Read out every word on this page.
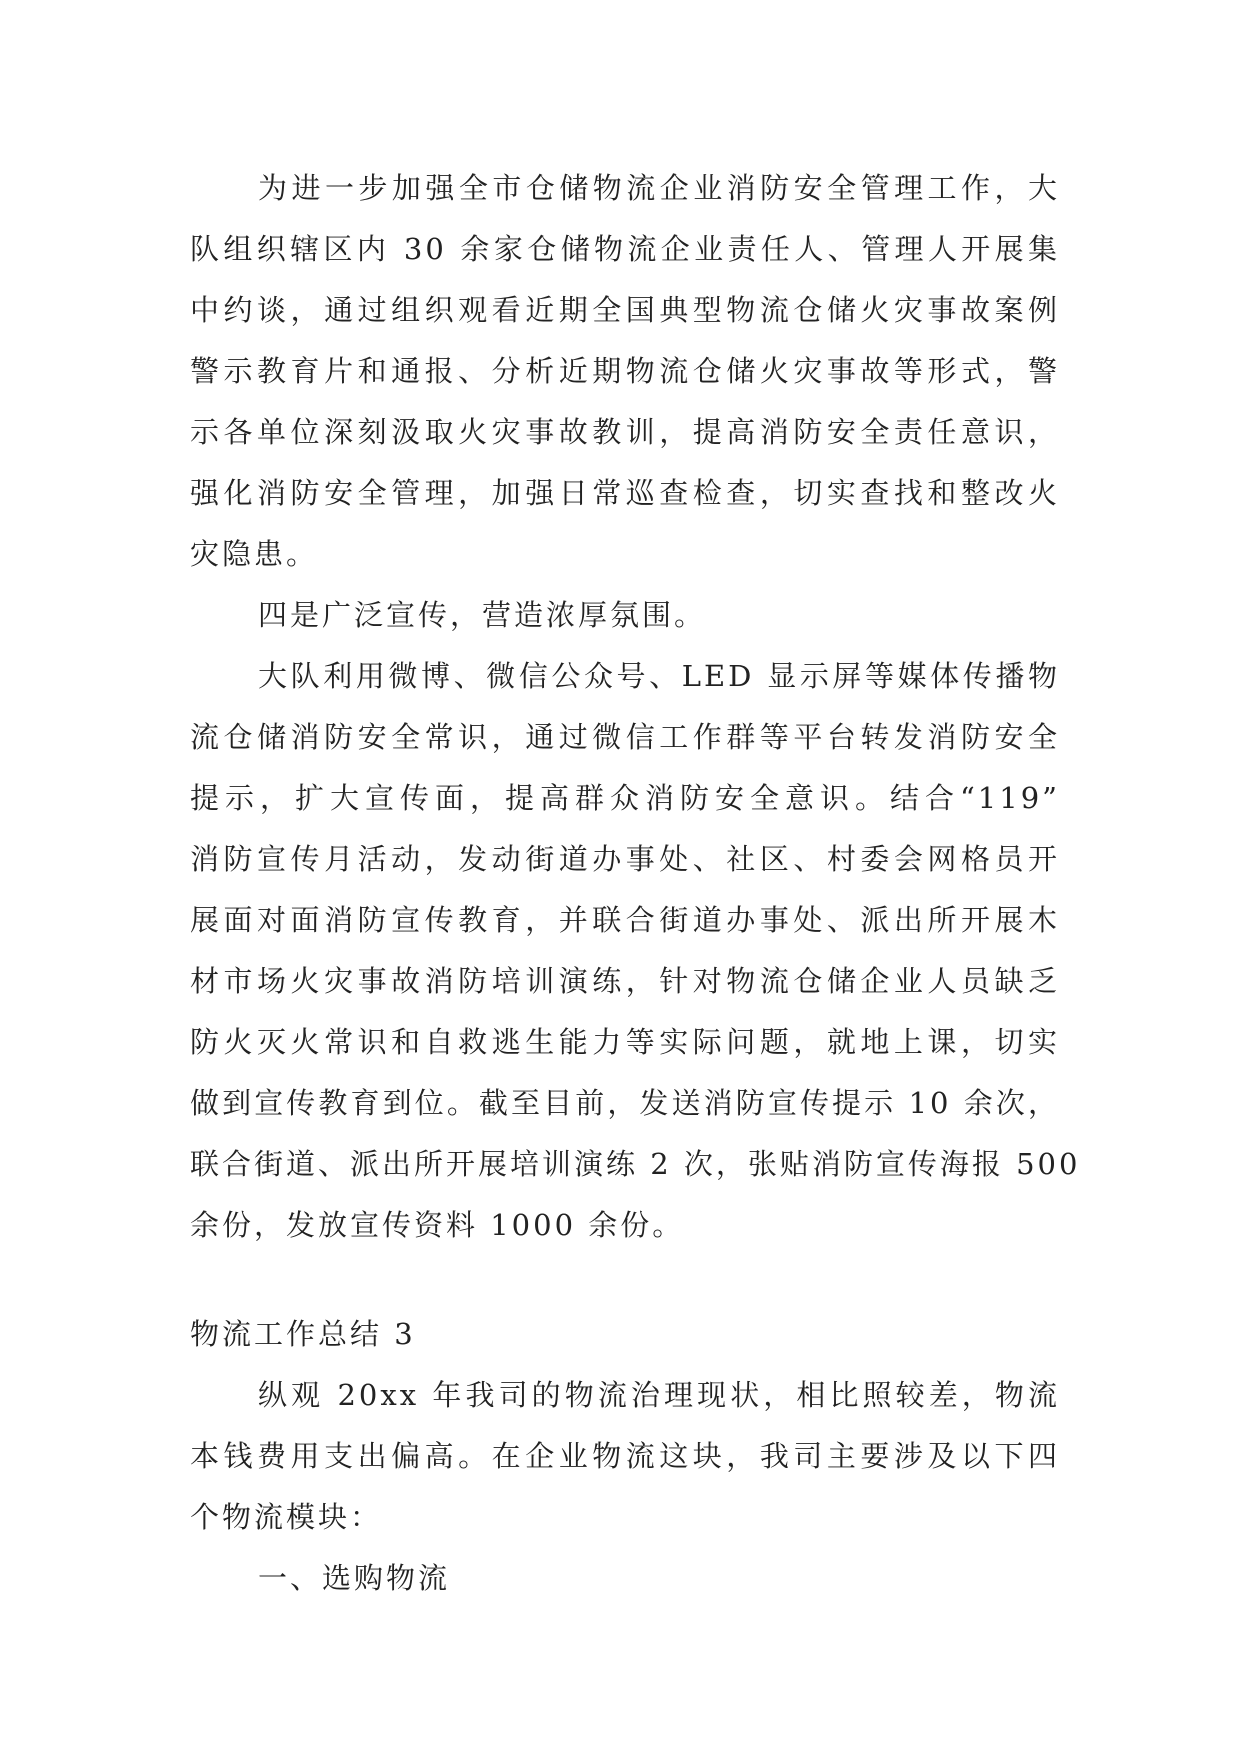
为进一步加强全市仓储物流企业消防安全管理工作，大
队组织辖区内 30 余家仓储物流企业责任人、管理人开展集
中约谈，通过组织观看近期全国典型物流仓储火灾事故案例
警示教育片和通报、分析近期物流仓储火灾事故等形式，警
示各单位深刻汲取火灾事故教训，提高消防安全责任意识，
强化消防安全管理，加强日常巡查检查，切实查找和整改火
灾隐患。
四是广泛宣传，营造浓厚氛围。
大队利用微博、微信公众号、LED 显示屏等媒体传播物
流仓储消防安全常识，通过微信工作群等平台转发消防安全
提示，扩大宣传面，提高群众消防安全意识。结合“119”
消防宣传月活动，发动街道办事处、社区、村委会网格员开
展面对面消防宣传教育，并联合街道办事处、派出所开展木
材市场火灾事故消防培训演练，针对物流仓储企业人员缺乏
防火灭火常识和自救逃生能力等实际问题，就地上课，切实
做到宣传教育到位。截至目前，发送消防宣传提示 10 余次，
联合街道、派出所开展培训演练 2 次，张贴消防宣传海报 500
余份，发放宣传资料 1000 余份。
物流工作总结 3
纵观 20xx 年我司的物流治理现状，相比照较差，物流
本钱费用支出偏高。在企业物流这块，我司主要涉及以下四
个物流模块：
一、选购物流
